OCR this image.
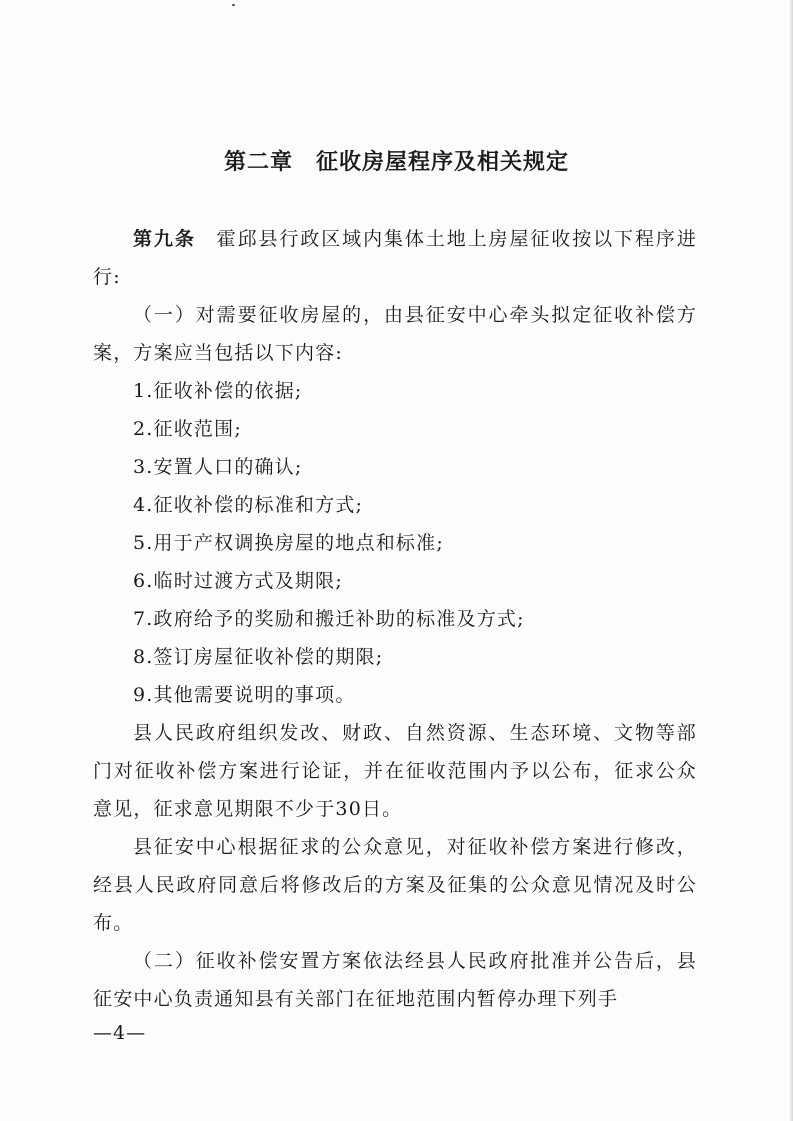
第二章　征收房屋程序及相关规定

第九条　霍邱县行政区域内集体土地上房屋征收按以下程序进行:

（一）对需要征收房屋的，由县征安中心牵头拟定征收补偿方案，方案应当包括以下内容:

1.征收补偿的依据;

2.征收范围;

3.安置人口的确认;

4.征收补偿的标准和方式;

5.用于产权调换房屋的地点和标准;

6.临时过渡方式及期限;

7.政府给予的奖励和搬迁补助的标准及方式;

8.签订房屋征收补偿的期限;

9.其他需要说明的事项。

县人民政府组织发改、财政、自然资源、生态环境、文物等部门对征收补偿方案进行论证，并在征收范围内予以公布，征求公众意见，征求意见期限不少于30日。

县征安中心根据征求的公众意见，对征收补偿方案进行修改，经县人民政府同意后将修改后的方案及征集的公众意见情况及时公布。

（二）征收补偿安置方案依法经县人民政府批准并公告后，县征安中心负责通知县有关部门在征地范围内暂停办理下列手

—4—
